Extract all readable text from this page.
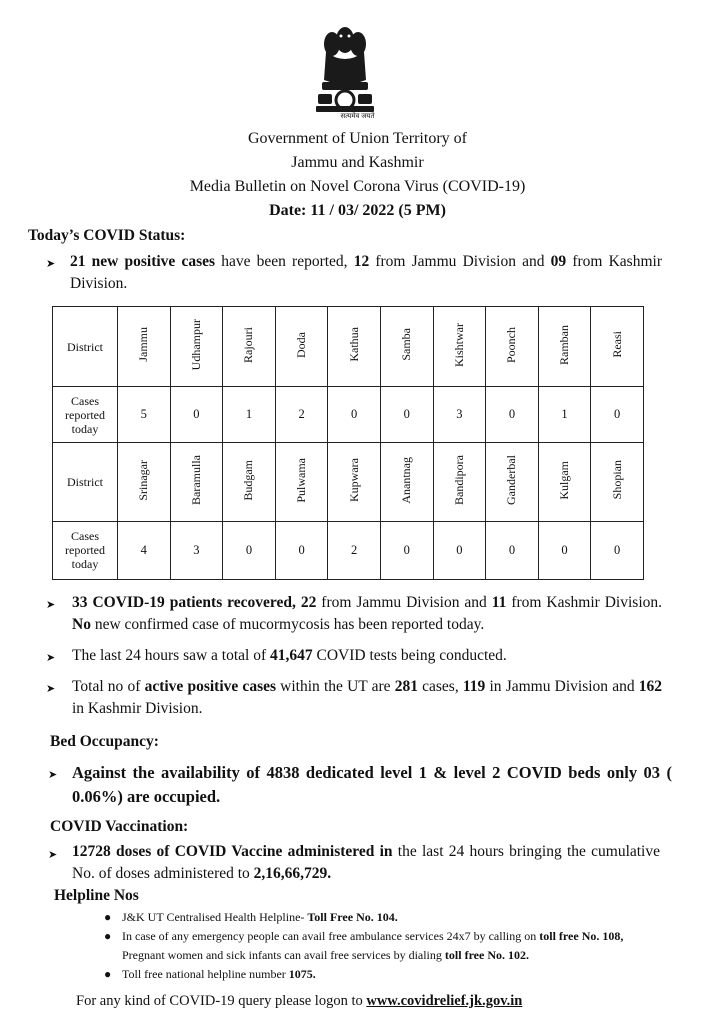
सत्यमेव जयते
Government of Union Territory of
Jammu and Kashmir
Media Bulletin on Novel Corona Virus (COVID-19)
Date: 11 / 03/ 2022 (5 PM)
Today’s COVID Status:
➤ 21 new positive cases have been reported, 12 from Jammu Division and 09 from Kashmir Division.
District	Jammu	Udhampur	Rajouri	Doda	Kathua	Samba	Kishtwar	Poonch	Ramban	Reasi
Cases
reported
today	5	0	1	2	0	0	3	0	1	0
District	Srinagar	Baramulla	Budgam	Pulwama	Kupwara	Anantnag	Bandipora	Ganderbal	Kulgam	Shopian
Cases
reported
today	4	3	0	0	2	0	0	0	0	0
➤ 33 COVID-19 patients recovered, 22 from Jammu Division and 11 from Kashmir Division. No new confirmed case of mucormycosis has been reported today.
➤ The last 24 hours saw a total of 41,647 COVID tests being conducted.
➤ Total no of active positive cases within the UT are 281 cases, 119 in Jammu Division and 162 in Kashmir Division.
Bed Occupancy:
➤ Against the availability of 4838 dedicated level 1 & level 2 COVID beds only 03 ( 0.06%) are occupied.
COVID Vaccination:
➤ 12728 doses of COVID Vaccine administered in the last 24 hours bringing the cumulative No. of doses administered to 2,16,66,729.
Helpline Nos
● J&K UT Centralised Health Helpline- Toll Free No. 104.
● In case of any emergency people can avail free ambulance services 24x7 by calling on toll free No. 108, Pregnant women and sick infants can avail free services by dialing toll free No. 102.
● Toll free national helpline number 1075.
For any kind of COVID-19 query please logon to www.covidrelief.jk.gov.in
